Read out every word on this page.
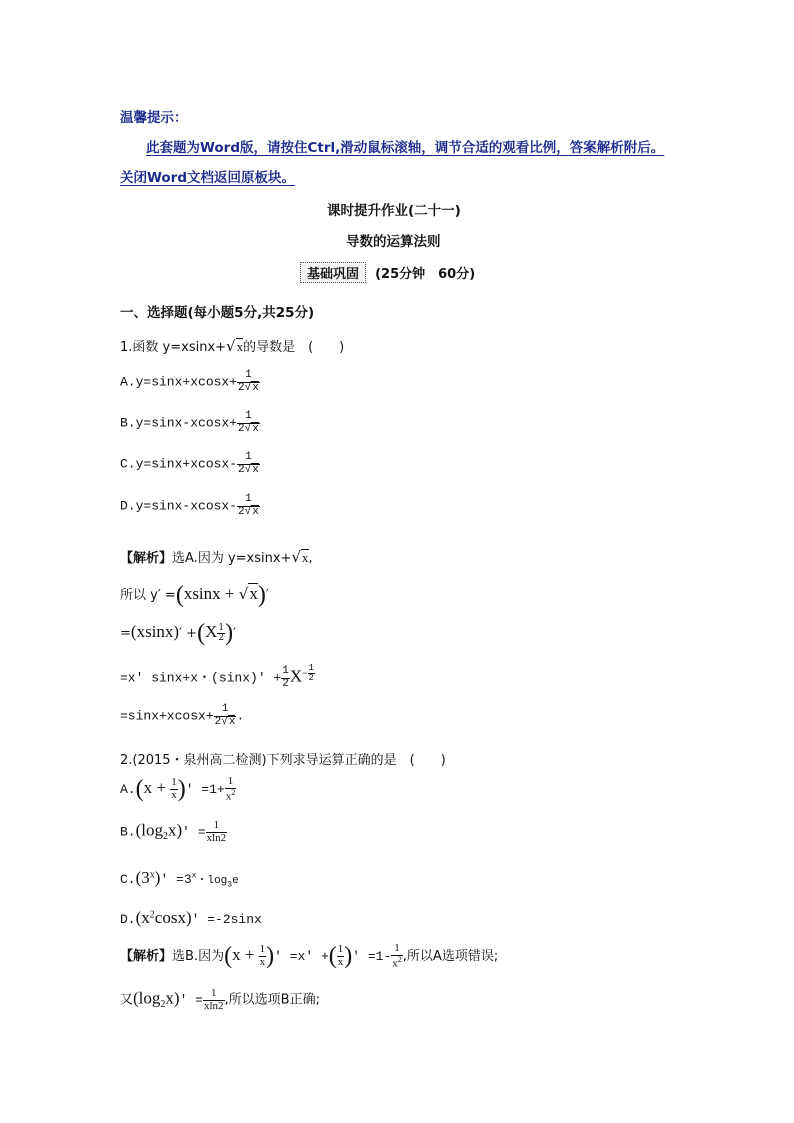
温馨提示：
此套题为Word版，请按住Ctrl,滑动鼠标滚轴，调节合适的观看比例，答案解析附后。
关闭Word文档返回原板块。
课时提升作业(二十一)
导数的运算法则
基础巩固 (25分钟　60分)
一、选择题(每小题5分,共25分)
1.函数 y=xsinx+√x的导数是　(　　)
$A.y=\sin x+xcosx+ \frac{1}{2√x}$
$B.y=\sin x-xcosx+ \frac{1}{2√x}$
$C.y=\sin x+xcosx- \frac{1}{2√x}$
$D.y=\sin x-xcosx- \frac{1}{2√x}$
【解析】选A.因为 y=xsinx+√x,
所以 y′ =(xsinx + √x)′
$=(xsinx)' +(X \frac{1}{2}$ )′
=x′ sinx+x・$(\sin x)' + \frac{1}{2} X^{- \frac{1}{2}}$
$=\sin x+xcosx+ \frac{1}{2√x}$ .
2.(2015・泉州高二检测)下列求导运算正确的是　(　　)
$A.(x + \frac{1}{x}$ )′ $=1+ \frac{1}{x^2}$
$B.(\log_2x)' = \frac{1}{xln2}$
$C.(3^x)' =3^x$・$\log_3e$
$D.(x^2\cos x)' =-2\sin x$
【解析】选B.因为($x + \frac{1}{x}$ )′ =x′ +( $\frac{1}{x}$ )′ $=1- \frac{1}{x^2}$ ,所以A选项错误;
又$(\log_2x)' = \frac{1}{xln2}$ ,所以选项B正确;
